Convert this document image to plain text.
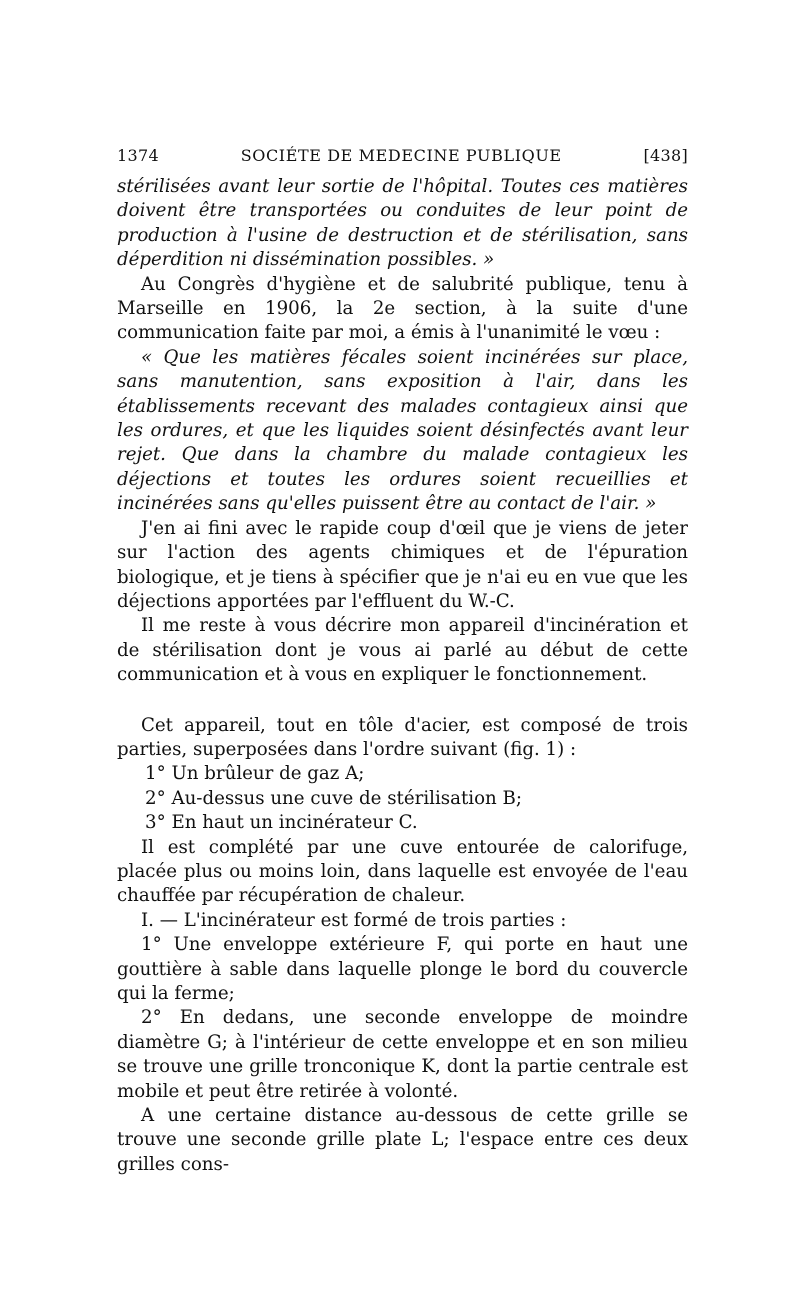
1374	SOCIÉTE DE MEDECINE PUBLIQUE	[438]

stérilisées avant leur sortie de l'hôpital. Toutes ces matières doivent être transportées ou conduites de leur point de production à l'usine de destruction et de stérilisation, sans déperdition ni dissémination possibles. »

Au Congrès d'hygiène et de salubrité publique, tenu à Marseille en 1906, la 2e section, à la suite d'une communication faite par moi, a émis à l'unanimité le vœu :

« Que les matières fécales soient incinérées sur place, sans manutention, sans exposition à l'air, dans les établissements recevant des malades contagieux ainsi que les ordures, et que les liquides soient désinfectés avant leur rejet. Que dans la chambre du malade contagieux les déjections et toutes les ordures soient recueillies et incinérées sans qu'elles puissent être au contact de l'air. »

J'en ai fini avec le rapide coup d'œil que je viens de jeter sur l'action des agents chimiques et de l'épuration biologique, et je tiens à spécifier que je n'ai eu en vue que les déjections apportées par l'effluent du W.-C.

Il me reste à vous décrire mon appareil d'incinération et de stérilisation dont je vous ai parlé au début de cette communication et à vous en expliquer le fonctionnement.

Cet appareil, tout en tôle d'acier, est composé de trois parties, superposées dans l'ordre suivant (fig. 1) :

1° Un brûleur de gaz A;

2° Au-dessus une cuve de stérilisation B;

3° En haut un incinérateur C.

Il est complété par une cuve entourée de calorifuge, placée plus ou moins loin, dans laquelle est envoyée de l'eau chauffée par récupération de chaleur.

I. — L'incinérateur est formé de trois parties :

1° Une enveloppe extérieure F, qui porte en haut une gouttière à sable dans laquelle plonge le bord du couvercle qui la ferme;

2° En dedans, une seconde enveloppe de moindre diamètre G; à l'intérieur de cette enveloppe et en son milieu se trouve une grille tronconique K, dont la partie centrale est mobile et peut être retirée à volonté.

A une certaine distance au-dessous de cette grille se trouve une seconde grille plate L; l'espace entre ces deux grilles cons-
